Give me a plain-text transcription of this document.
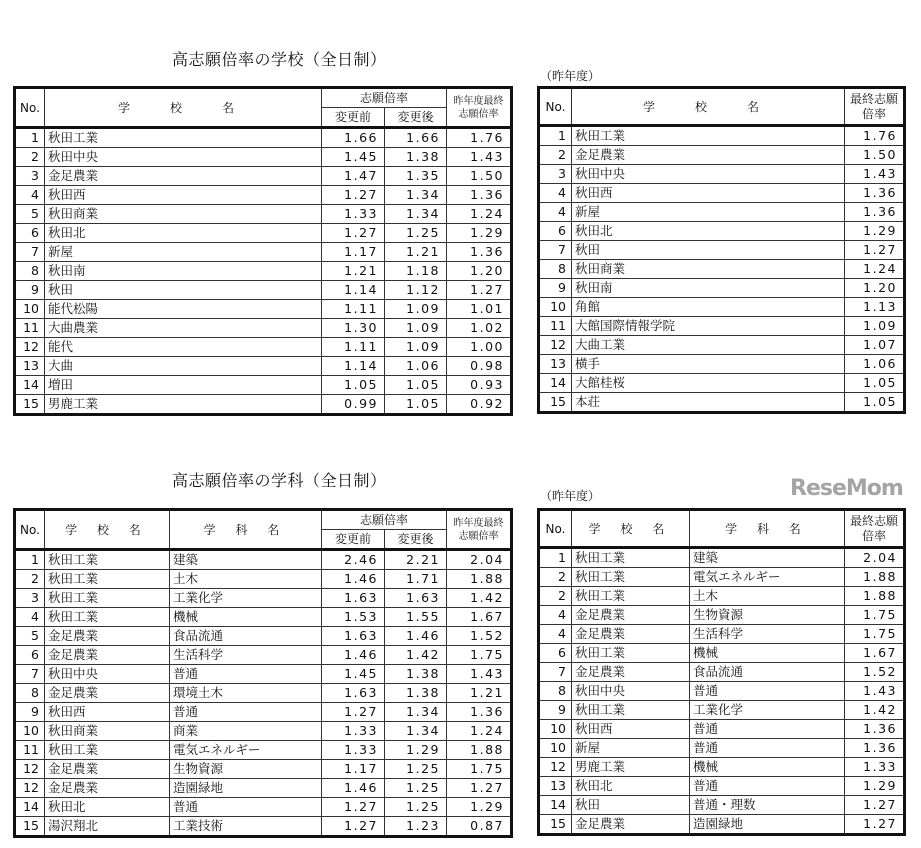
高志願倍率の学校（全日制）
（昨年度）
No.	学　校　名	志願倍率		昨年度最終志願倍率
		変更前	変更後	
1	秋田工業	1.66	1.66	1.76
2	秋田中央	1.45	1.38	1.43
3	金足農業	1.47	1.35	1.50
4	秋田西	1.27	1.34	1.36
5	秋田商業	1.33	1.34	1.24
6	秋田北	1.27	1.25	1.29
7	新屋	1.17	1.21	1.36
8	秋田南	1.21	1.18	1.20
9	秋田	1.14	1.12	1.27
10	能代松陽	1.11	1.09	1.01
11	大曲農業	1.30	1.09	1.02
12	能代	1.11	1.09	1.00
13	大曲	1.14	1.06	0.98
14	増田	1.05	1.05	0.93
15	男鹿工業	0.99	1.05	0.92
No.	学　校　名	最終志願倍率
1	秋田工業	1.76
2	金足農業	1.50
3	秋田中央	1.43
4	秋田西	1.36
4	新屋	1.36
6	秋田北	1.29
7	秋田	1.27
8	秋田商業	1.24
9	秋田南	1.20
10	角館	1.13
11	大館国際情報学院	1.09
12	大曲工業	1.07
13	横手	1.06
14	大館桂桜	1.05
15	本荘	1.05
高志願倍率の学科（全日制）
（昨年度）
No.	学 校 名	学 科 名	志願倍率		昨年度最終志願倍率
			変更前	変更後	
1	秋田工業	建築	2.46	2.21	2.04
2	秋田工業	土木	1.46	1.71	1.88
3	秋田工業	工業化学	1.63	1.63	1.42
4	秋田工業	機械	1.53	1.55	1.67
5	金足農業	食品流通	1.63	1.46	1.52
6	金足農業	生活科学	1.46	1.42	1.75
7	秋田中央	普通	1.45	1.38	1.43
8	金足農業	環境土木	1.63	1.38	1.21
9	秋田西	普通	1.27	1.34	1.36
10	秋田商業	商業	1.33	1.34	1.24
11	秋田工業	電気エネルギー	1.33	1.29	1.88
12	金足農業	生物資源	1.17	1.25	1.75
12	金足農業	造園緑地	1.46	1.25	1.27
14	秋田北	普通	1.27	1.25	1.29
15	湯沢翔北	工業技術	1.27	1.23	0.87
No.	学 校 名	学 科 名	最終志願倍率
1	秋田工業	建築	2.04
2	秋田工業	電気エネルギー	1.88
2	秋田工業	土木	1.88
4	金足農業	生物資源	1.75
4	金足農業	生活科学	1.75
6	秋田工業	機械	1.67
7	金足農業	食品流通	1.52
8	秋田中央	普通	1.43
9	秋田工業	工業化学	1.42
10	秋田西	普通	1.36
10	新屋	普通	1.36
12	男鹿工業	機械	1.33
13	秋田北	普通	1.29
14	秋田	普通・理数	1.27
15	金足農業	造園緑地	1.27
ReseMom
